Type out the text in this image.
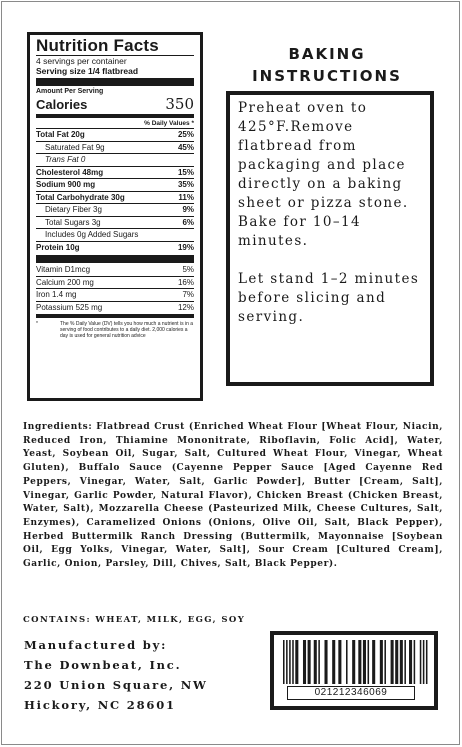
Nutrition Facts
4 servings per container
Serving size 1/4 flatbread
Amount Per Serving
Calories	350
% Daily Values *
Total Fat 20g	25%
Saturated Fat 9g	45%
Trans Fat 0
Cholesterol 48mg	15%
Sodium 900 mg	35%
Total Carbohydrate 30g	11%
Dietary Fiber 3g	9%
Total Sugars 3g	6%
Includes 0g Added Sugars
Protein 10g	19%
Vitamin D1mcg	5%
Calcium 200 mg	16%
Iron 1.4 mg	7%
Potassium 525 mg	12%
*	The % Daily Value (DV) tells you how much a nutrient is in a serving of food contributes to a daily diet. 2,000 calories a day is used for general nutrition advice
BAKING
INSTRUCTIONS

Preheat oven to 425°F.Remove flatbread from packaging and place directly on a baking sheet or pizza stone. Bake for 10–14 minutes.

Let stand 1–2 minutes before slicing and serving.

Ingredients: Flatbread Crust (Enriched Wheat Flour [Wheat Flour, Niacin, Reduced Iron, Thiamine Mononitrate, Riboflavin, Folic Acid], Water, Yeast, Soybean Oil, Sugar, Salt, Cultured Wheat Flour, Vinegar, Wheat Gluten), Buffalo Sauce (Cayenne Pepper Sauce [Aged Cayenne Red Peppers, Vinegar, Water, Salt, Garlic Powder], Butter [Cream, Salt], Vinegar, Garlic Powder, Natural Flavor), Chicken Breast (Chicken Breast, Water, Salt), Mozzarella Cheese (Pasteurized Milk, Cheese Cultures, Salt, Enzymes), Caramelized Onions (Onions, Olive Oil, Salt, Black Pepper), Herbed Buttermilk Ranch Dressing (Buttermilk, Mayonnaise [Soybean Oil, Egg Yolks, Vinegar, Water, Salt], Sour Cream [Cultured Cream], Garlic, Onion, Parsley, Dill, Chives, Salt, Black Pepper).
CONTAINS: WHEAT, MILK, EGG, SOY
Manufactured by:
The Downbeat, Inc.
220 Union Square, NW
Hickory, NC 28601
021212346069
